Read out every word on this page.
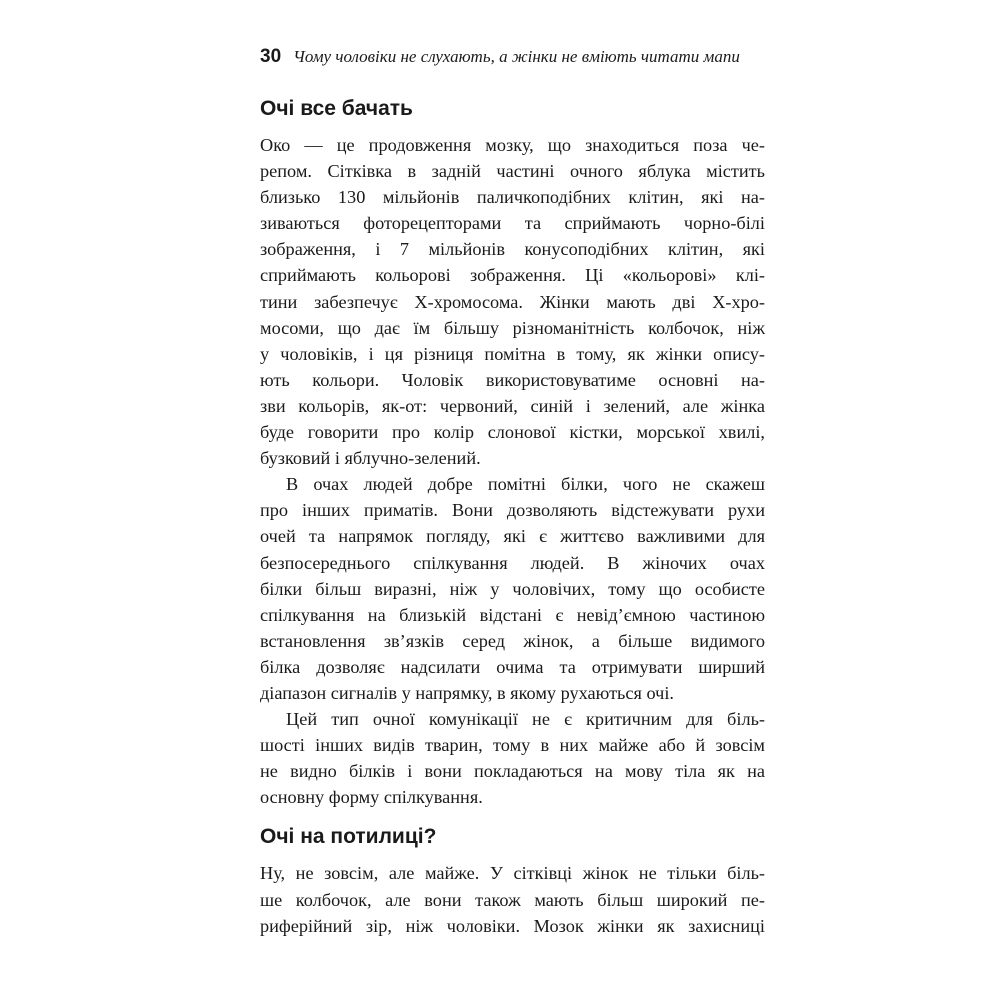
30 Чому чоловіки не слухають, а жінки не вміють читати мапи
Очі все бачать

Око — це продовження мозку, що знаходиться поза че-
репом. Сітківка в задній частині очного яблука містить
близько 130 мільйонів паличкоподібних клітин, які на-
зиваються фоторецепторами та сприймають чорно-білі
зображення, і 7 мільйонів конусоподібних клітин, які
сприймають кольорові зображення. Ці «кольорові» клі-
тини забезпечує Х-хромосома. Жінки мають дві Х-хро-
мосоми, що дає їм більшу різноманітність колбочок, ніж
у чоловіків, і ця різниця помітна в тому, як жінки опису-
ють кольори. Чоловік використовуватиме основні на-
зви кольорів, як-от: червоний, синій і зелений, але жінка
буде говорити про колір слонової кістки, морської хвилі,
бузковий і яблучно-зелений.

В очах людей добре помітні білки, чого не скажеш
про інших приматів. Вони дозволяють відстежувати рухи
очей та напрямок погляду, які є життєво важливими для
безпосереднього спілкування людей. В жіночих очах
білки більш виразні, ніж у чоловічих, тому що особисте
спілкування на близькій відстані є невід’ємною частиною
встановлення зв’язків серед жінок, а більше видимого
білка дозволяє надсилати очима та отримувати ширший
діапазон сигналів у напрямку, в якому рухаються очі.

Цей тип очної комунікації не є критичним для біль-
шості інших видів тварин, тому в них майже або й зовсім
не видно білків і вони покладаються на мову тіла як на
основну форму спілкування.

Очі на потилиці?

Ну, не зовсім, але майже. У сітківці жінок не тільки біль-
ше колбочок, але вони також мають більш широкий пе-
риферійний зір, ніж чоловіки. Мозок жінки як захисниці
